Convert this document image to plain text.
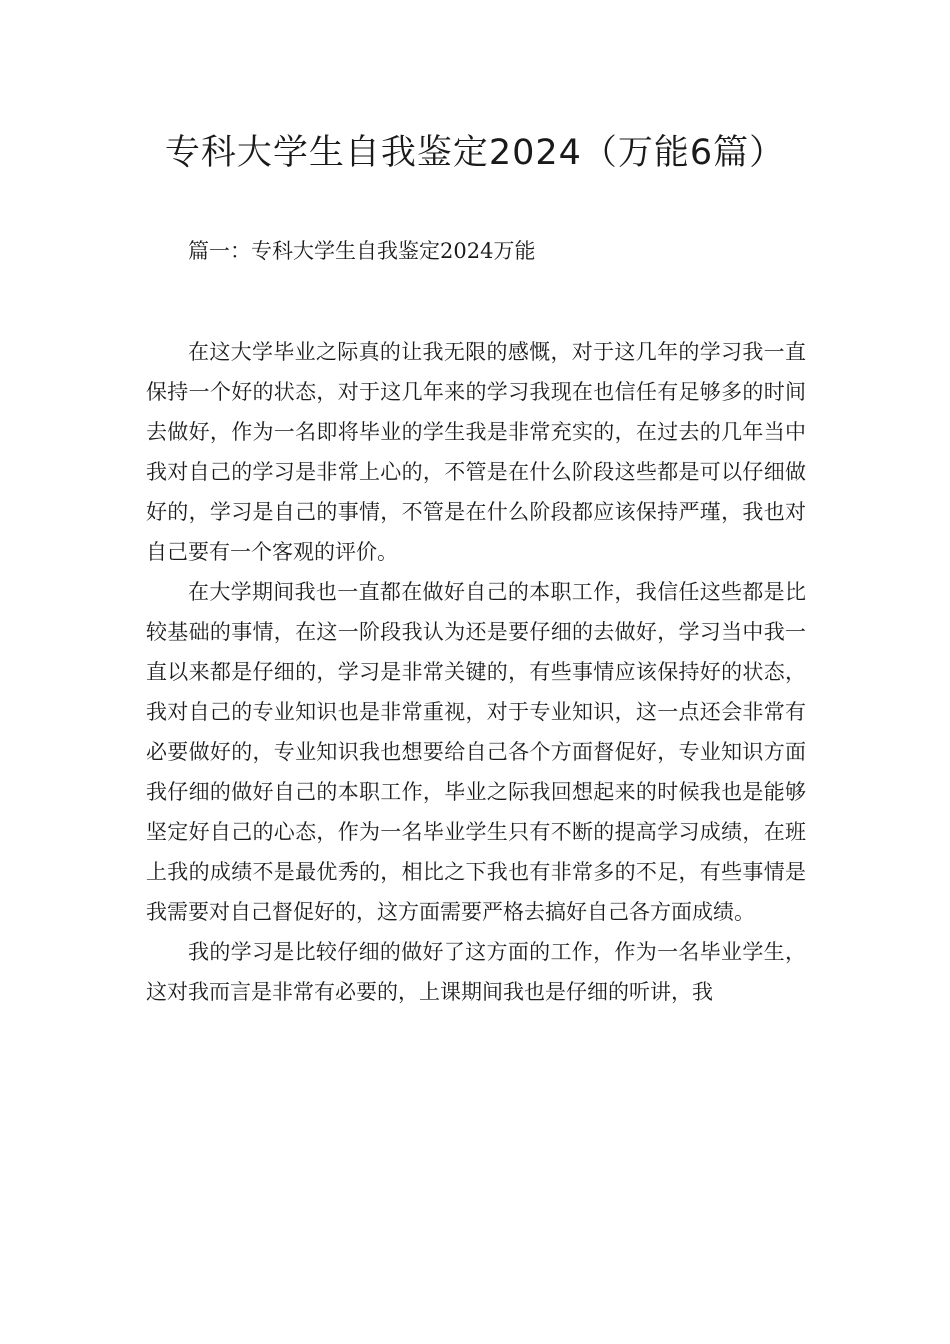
专科大学生自我鉴定2024（万能6篇）
篇一：专科大学生自我鉴定2024万能

在这大学毕业之际真的让我无限的感慨，对于这几年的学习我一直保持一个好的状态，对于这几年来的学习我现在也信任有足够多的时间去做好，作为一名即将毕业的学生我是非常充实的，在过去的几年当中我对自己的学习是非常上心的，不管是在什么阶段这些都是可以仔细做好的，学习是自己的事情，不管是在什么阶段都应该保持严瑾，我也对自己要有一个客观的评价。

在大学期间我也一直都在做好自己的本职工作，我信任这些都是比较基础的事情，在这一阶段我认为还是要仔细的去做好，学习当中我一直以来都是仔细的，学习是非常关键的，有些事情应该保持好的状态，我对自己的专业知识也是非常重视，对于专业知识，这一点还会非常有必要做好的，专业知识我也想要给自己各个方面督促好，专业知识方面我仔细的做好自己的本职工作，毕业之际我回想起来的时候我也是能够坚定好自己的心态，作为一名毕业学生只有不断的提高学习成绩，在班上我的成绩不是最优秀的，相比之下我也有非常多的不足，有些事情是我需要对自己督促好的，这方面需要严格去搞好自己各方面成绩。

我的学习是比较仔细的做好了这方面的工作，作为一名毕业学生，这对我而言是非常有必要的，上课期间我也是仔细的听讲，我
